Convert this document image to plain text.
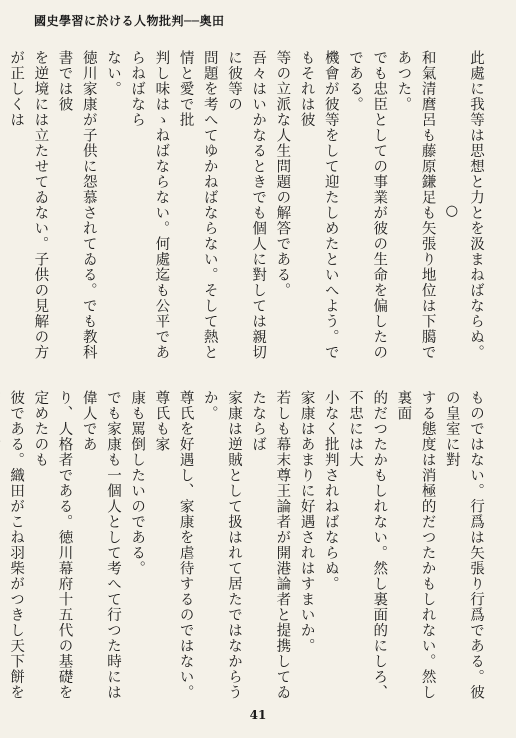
國史學習に於ける人物批判──奥田
此處に我等は思想と力とを汲まねばならぬ。
○
和氣清麿呂も藤原鎌足も矢張り地位は下臈であつた。
でも忠臣としての事業が彼の生命を偏したのである。
機會が彼等をして迎たしめたといへよう。でもそれは彼
等の立派な人生問題の解答である。
吾々はいかなるときでも個人に對しては親切に彼等の
問題を考へてゆかねばならない。そして熱と情と愛で批
判し味はゝねばならない。何處迄も公平であらねばなら
ない。
徳川家康が子供に怨慕されてゐる。でも教科書では彼
を逆境には立たせてゐない。子供の見解の方が正しくは
ものではない。行爲は矢張り行爲である。彼の皇室に對
する態度は消極的だつたかもしれない。然し裏面
的だつたかもしれない。然し裏面的にしろ、不忠には大
小なく批判されねばならぬ。
家康はあまりに好遇されはすまいか。
若しも幕末尊王論者が開港論者と提携してゐたならば
家康は逆賊として扱はれて居たではなからうか。
尊氏を好遇し、家康を虐待するのではない。尊氏も家
康も罵倒したいのである。
でも家康も一個人として考へて行つた時には偉人であ
り、人格者である。徳川幕府十五代の基礎を定めたのも
彼である。織田がこね羽柴がつきし天下餅を
41
